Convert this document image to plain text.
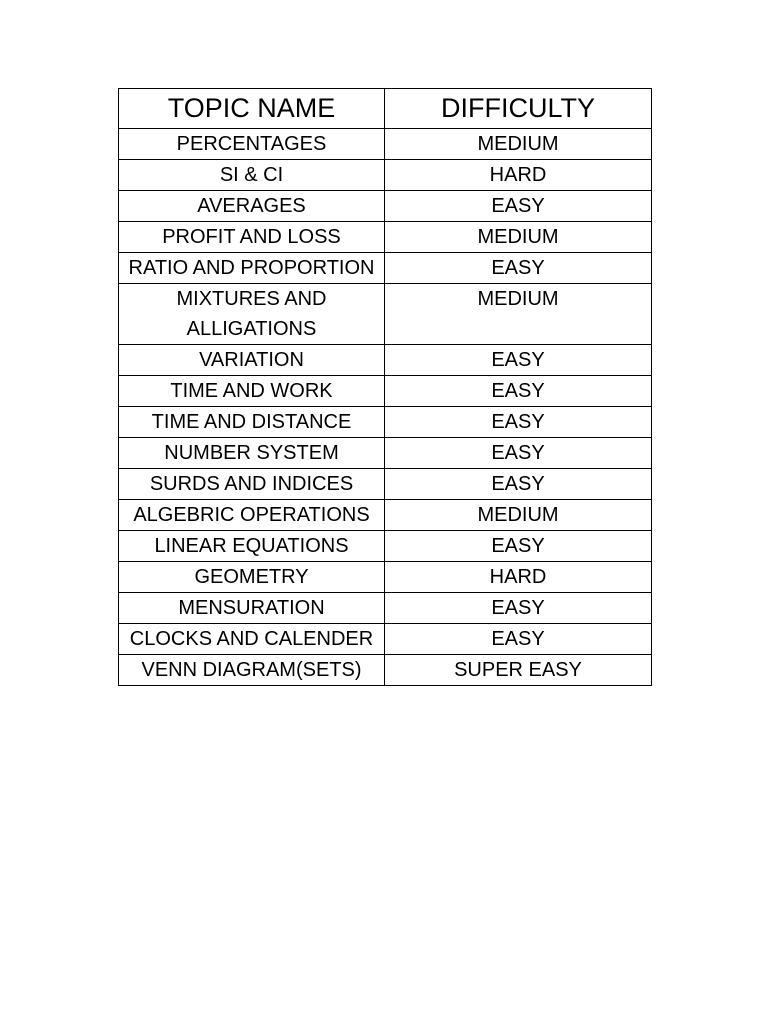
TOPIC NAME	DIFFICULTY
PERCENTAGES	MEDIUM
SI & CI	HARD
AVERAGES	EASY
PROFIT AND LOSS	MEDIUM
RATIO AND PROPORTION	EASY
MIXTURES AND ALLIGATIONS	MEDIUM
VARIATION	EASY
TIME AND WORK	EASY
TIME AND DISTANCE	EASY
NUMBER SYSTEM	EASY
SURDS AND INDICES	EASY
ALGEBRIC OPERATIONS	MEDIUM
LINEAR EQUATIONS	EASY
GEOMETRY	HARD
MENSURATION	EASY
CLOCKS AND CALENDER	EASY
VENN DIAGRAM(SETS)	SUPER EASY
